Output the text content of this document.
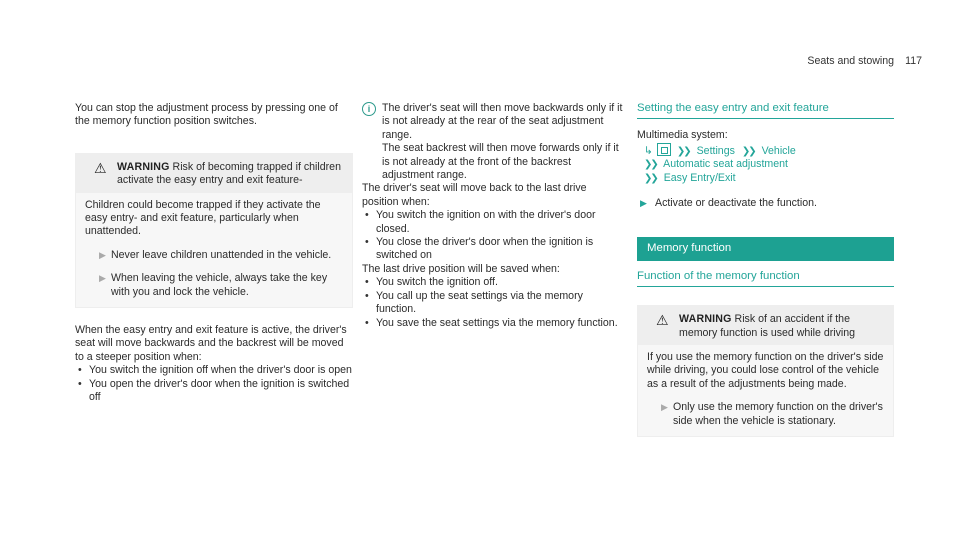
Seats and stowing 117

You can stop the adjustment process by pressing one of the memory function position switches.

⚠ WARNING Risk of becoming trapped if children activate the easy entry and exit feature-

Children could become trapped if they activate the easy entry- and exit feature, particularly when unattended.

▶ Never leave children unattended in the vehicle.
▶ When leaving the vehicle, always take the key with you and lock the vehicle.

When the easy entry and exit feature is active, the driver's seat will move backwards and the backrest will be moved to a steeper position when:

• You switch the ignition off when the driver's door is open
• You open the driver's door when the ignition is switched off
i	The driver's seat will then move backwards only if it is not already at the rear of the seat adjustment range.

The seat backrest will then move forwards only if it is not already at the front of the backrest adjustment range.

The driver's seat will move back to the last drive position when:

• You switch the ignition on with the driver's door closed.
• You close the driver's door when the ignition is switched on

The last drive position will be saved when:

• You switch the ignition off.
• You call up the seat settings via the memory function.
• You save the seat settings via the memory function.
Setting the easy entry and exit feature

Multimedia system:

↳ ❯❯ Settings ❯❯ Vehicle
❯❯ Automatic seat adjustment
❯❯ Easy Entry/Exit
▶ Activate or deactivate the function.
Memory function
Function of the memory function
⚠ WARNING Risk of an accident if the memory function is used while driving

If you use the memory function on the driver's side while driving, you could lose control of the vehicle as a result of the adjustments being made.

▶ Only use the memory function on the driver's side when the vehicle is stationary.
